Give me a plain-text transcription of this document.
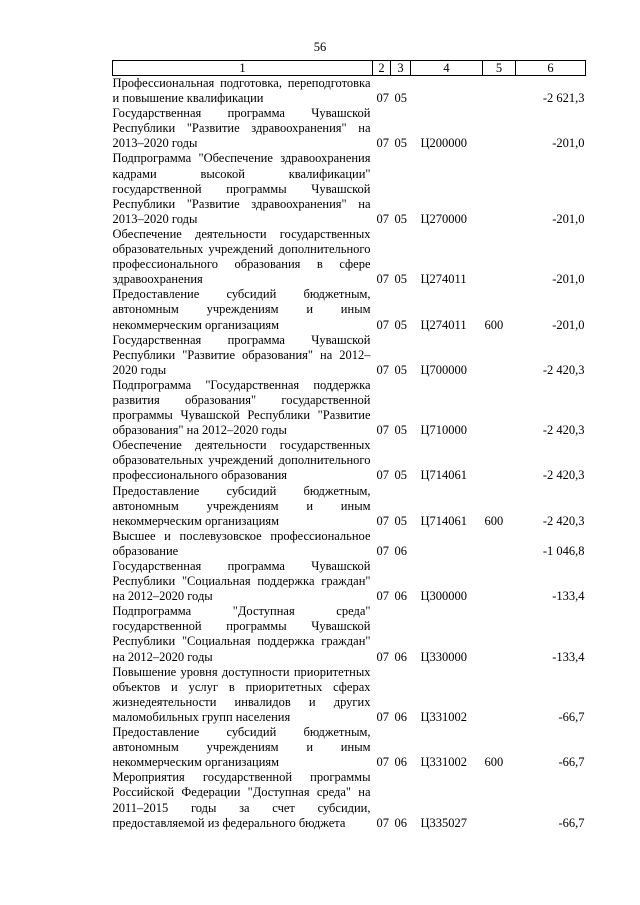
56
1	2	3	4	5	6
Профессиональная подготовка, переподготовка и повышение квалификации	07	05			-2 621,3
Государственная программа Чувашской Республики "Развитие здравоохранения" на 2013–2020 годы	07	05	Ц200000		-201,0
Подпрограмма "Обеспечение здравоохранения кадрами высокой квалификации" государственной программы Чувашской Республики "Развитие здравоохранения" на 2013–2020 годы	07	05	Ц270000		-201,0
Обеспечение деятельности государственных образовательных учреждений дополнительного профессионального образования в сфере здравоохранения	07	05	Ц274011		-201,0
Предоставление субсидий бюджетным, автономным учреждениям и иным некоммерческим организациям	07	05	Ц274011	600	-201,0
Государственная программа Чувашской Республики "Развитие образования" на 2012–2020 годы	07	05	Ц700000		-2 420,3
Подпрограмма "Государственная поддержка развития образования" государственной программы Чувашской Республики "Развитие образования" на 2012–2020 годы	07	05	Ц710000		-2 420,3
Обеспечение деятельности государственных образовательных учреждений дополнительного профессионального образования	07	05	Ц714061		-2 420,3
Предоставление субсидий бюджетным, автономным учреждениям и иным некоммерческим организациям	07	05	Ц714061	600	-2 420,3
Высшее и послевузовское профессиональное образование	07	06			-1 046,8
Государственная программа Чувашской Республики "Социальная поддержка граждан" на 2012–2020 годы	07	06	Ц300000		-133,4
Подпрограмма "Доступная среда" государственной программы Чувашской Республики "Социальная поддержка граждан" на 2012–2020 годы	07	06	Ц330000		-133,4
Повышение уровня доступности приоритетных объектов и услуг в приоритетных сферах жизнедеятельности инвалидов и других маломобильных групп населения	07	06	Ц331002		-66,7
Предоставление субсидий бюджетным, автономным учреждениям и иным некоммерческим организациям	07	06	Ц331002	600	-66,7
Мероприятия государственной программы Российской Федерации "Доступная среда" на 2011–2015 годы за счет субсидии, предоставляемой из федерального бюджета	07	06	Ц335027		-66,7
